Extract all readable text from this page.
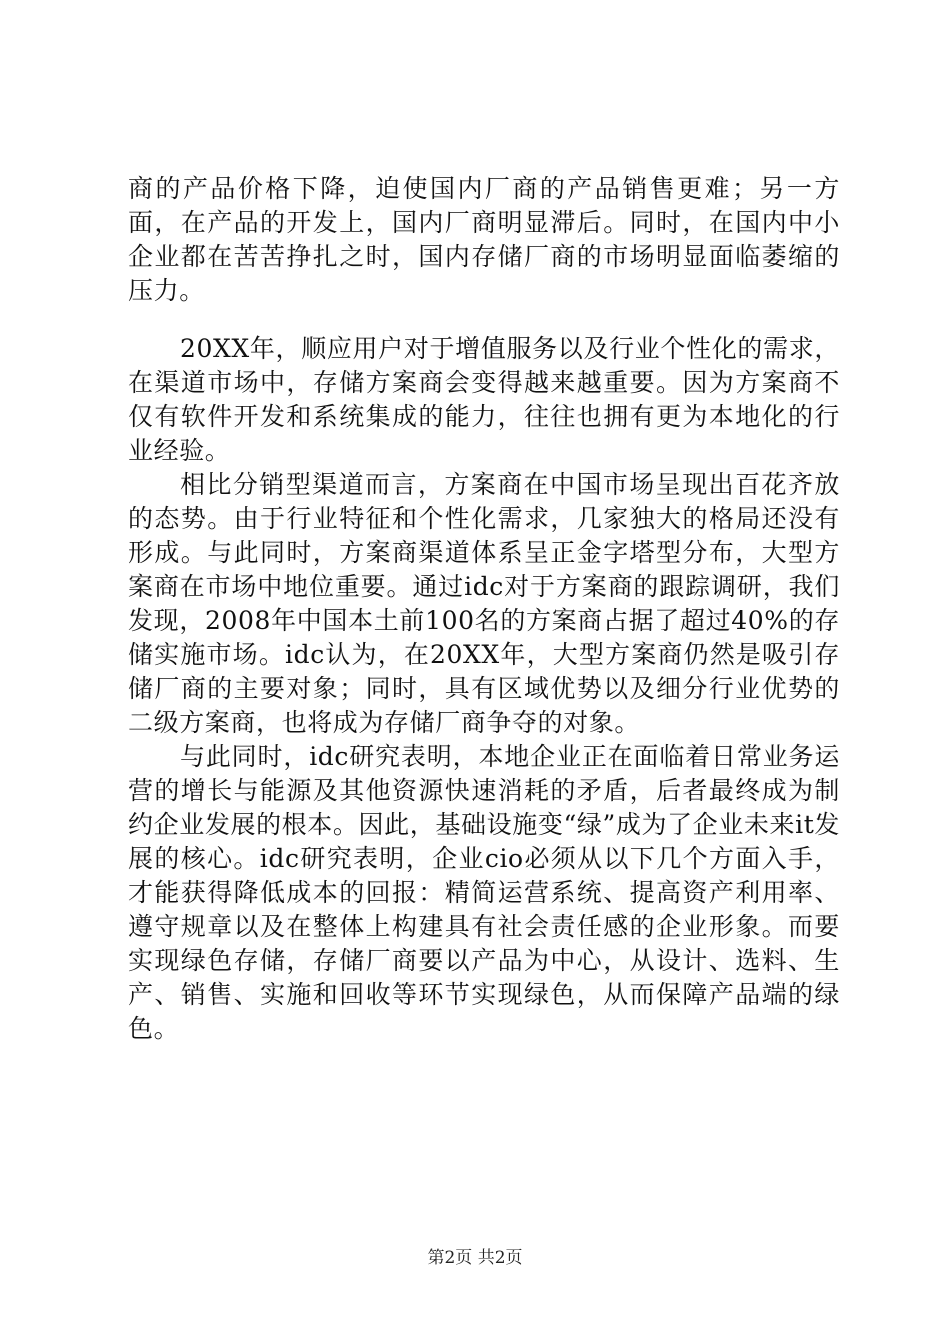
商的产品价格下降，迫使国内厂商的产品销售更难；另一方面，在产品的开发上，国内厂商明显滞后。同时，在国内中小企业都在苦苦挣扎之时，国内存储厂商的市场明显面临萎缩的压力。

20XX年，顺应用户对于增值服务以及行业个性化的需求，在渠道市场中，存储方案商会变得越来越重要。因为方案商不仅有软件开发和系统集成的能力，往往也拥有更为本地化的行业经验。

相比分销型渠道而言，方案商在中国市场呈现出百花齐放的态势。由于行业特征和个性化需求，几家独大的格局还没有形成。与此同时，方案商渠道体系呈正金字塔型分布，大型方案商在市场中地位重要。通过idc对于方案商的跟踪调研，我们发现，2008年中国本土前100名的方案商占据了超过40%的存储实施市场。idc认为，在20XX年，大型方案商仍然是吸引存储厂商的主要对象；同时，具有区域优势以及细分行业优势的二级方案商，也将成为存储厂商争夺的对象。

与此同时，idc研究表明，本地企业正在面临着日常业务运营的增长与能源及其他资源快速消耗的矛盾，后者最终成为制约企业发展的根本。因此，基础设施变“绿”成为了企业未来it发展的核心。idc研究表明，企业cio必须从以下几个方面入手，才能获得降低成本的回报：精简运营系统、提高资产利用率、遵守规章以及在整体上构建具有社会责任感的企业形象。而要实现绿色存储，存储厂商要以产品为中心，从设计、选料、生产、销售、实施和回收等环节实现绿色，从而保障产品端的绿色。

第2页 共2页
